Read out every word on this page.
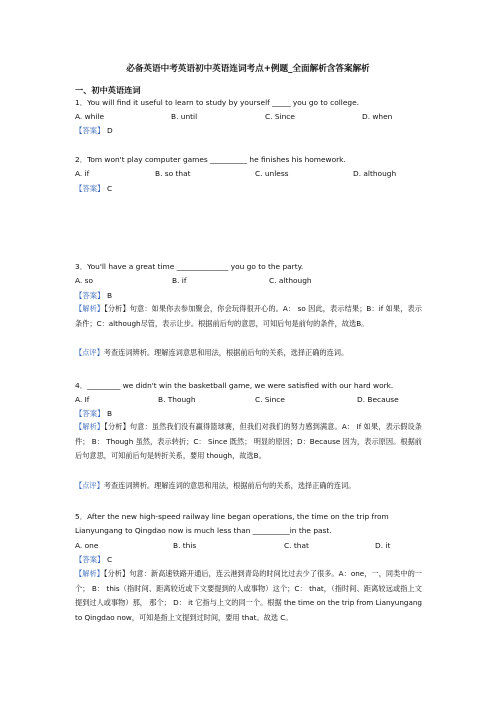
必备英语中考英语初中英语连词考点+例题_全面解析含答案解析
一、初中英语连词
1．You will find it useful to learn to study by yourself _____ you go to college.
A. while	B. until	C. Since	D. when
【答案】 D
2．Tom won't play computer games __________ he finishes his homework.
A. if	B. so that	C. unless	D. although
【答案】 C
3．You'll have a great time ______________ you go to the party.
A. so	B. if	C. although
【答案】 B
【解析】【分析】句意：如果你去参加聚会，你会玩得很开心的。A： so 因此，表示结果；B：if 如果，表示条件；C：although尽管，表示让步。根据前后句的意思，可知后句是前句的条件，故选B。
【点评】考查连词辨析。理解连词意思和用法，根据前后句的关系，选择正确的连词。
4．_________ we didn't win the basketball game, we were satisfied with our hard work.
A. If	B. Though	C. Since	D. Because
【答案】 B
【解析】【分析】句意：虽然我们没有赢得篮球赛，但我们对我们的努力感到满意。A： If 如果，表示假设条件； B： Though 虽然，表示转折；C： Since 既然； 明显的原因；D：Because 因为，表示原因。根据前后句意思，可知前后句是转折关系，要用 though，故选B。
【点评】考查连词辨析。理解连词的意思和用法，根据前后句的关系，选择正确的连词。
5．After the new high-speed railway line began operations, the time on the trip from
Lianyungang to Qingdao now is much less than __________in the past.
A. one	B. this	C. that	D. it
【答案】 C
【解析】【分析】句意：新高速铁路开通后，连云港到青岛的时间比过去少了很多。A：one，一，同类中的一个； B： this（指时间、距离较近或下文要提到的人或事物）这个；C： that，（指时间、距离较远或指上文提到过人或事物）那， 那个； D： it 它指与上文的同一个。根据 the time on the trip from Lianyungang to Qingdao now，可知是指上文提到过时间，要用 that。故选 C。
